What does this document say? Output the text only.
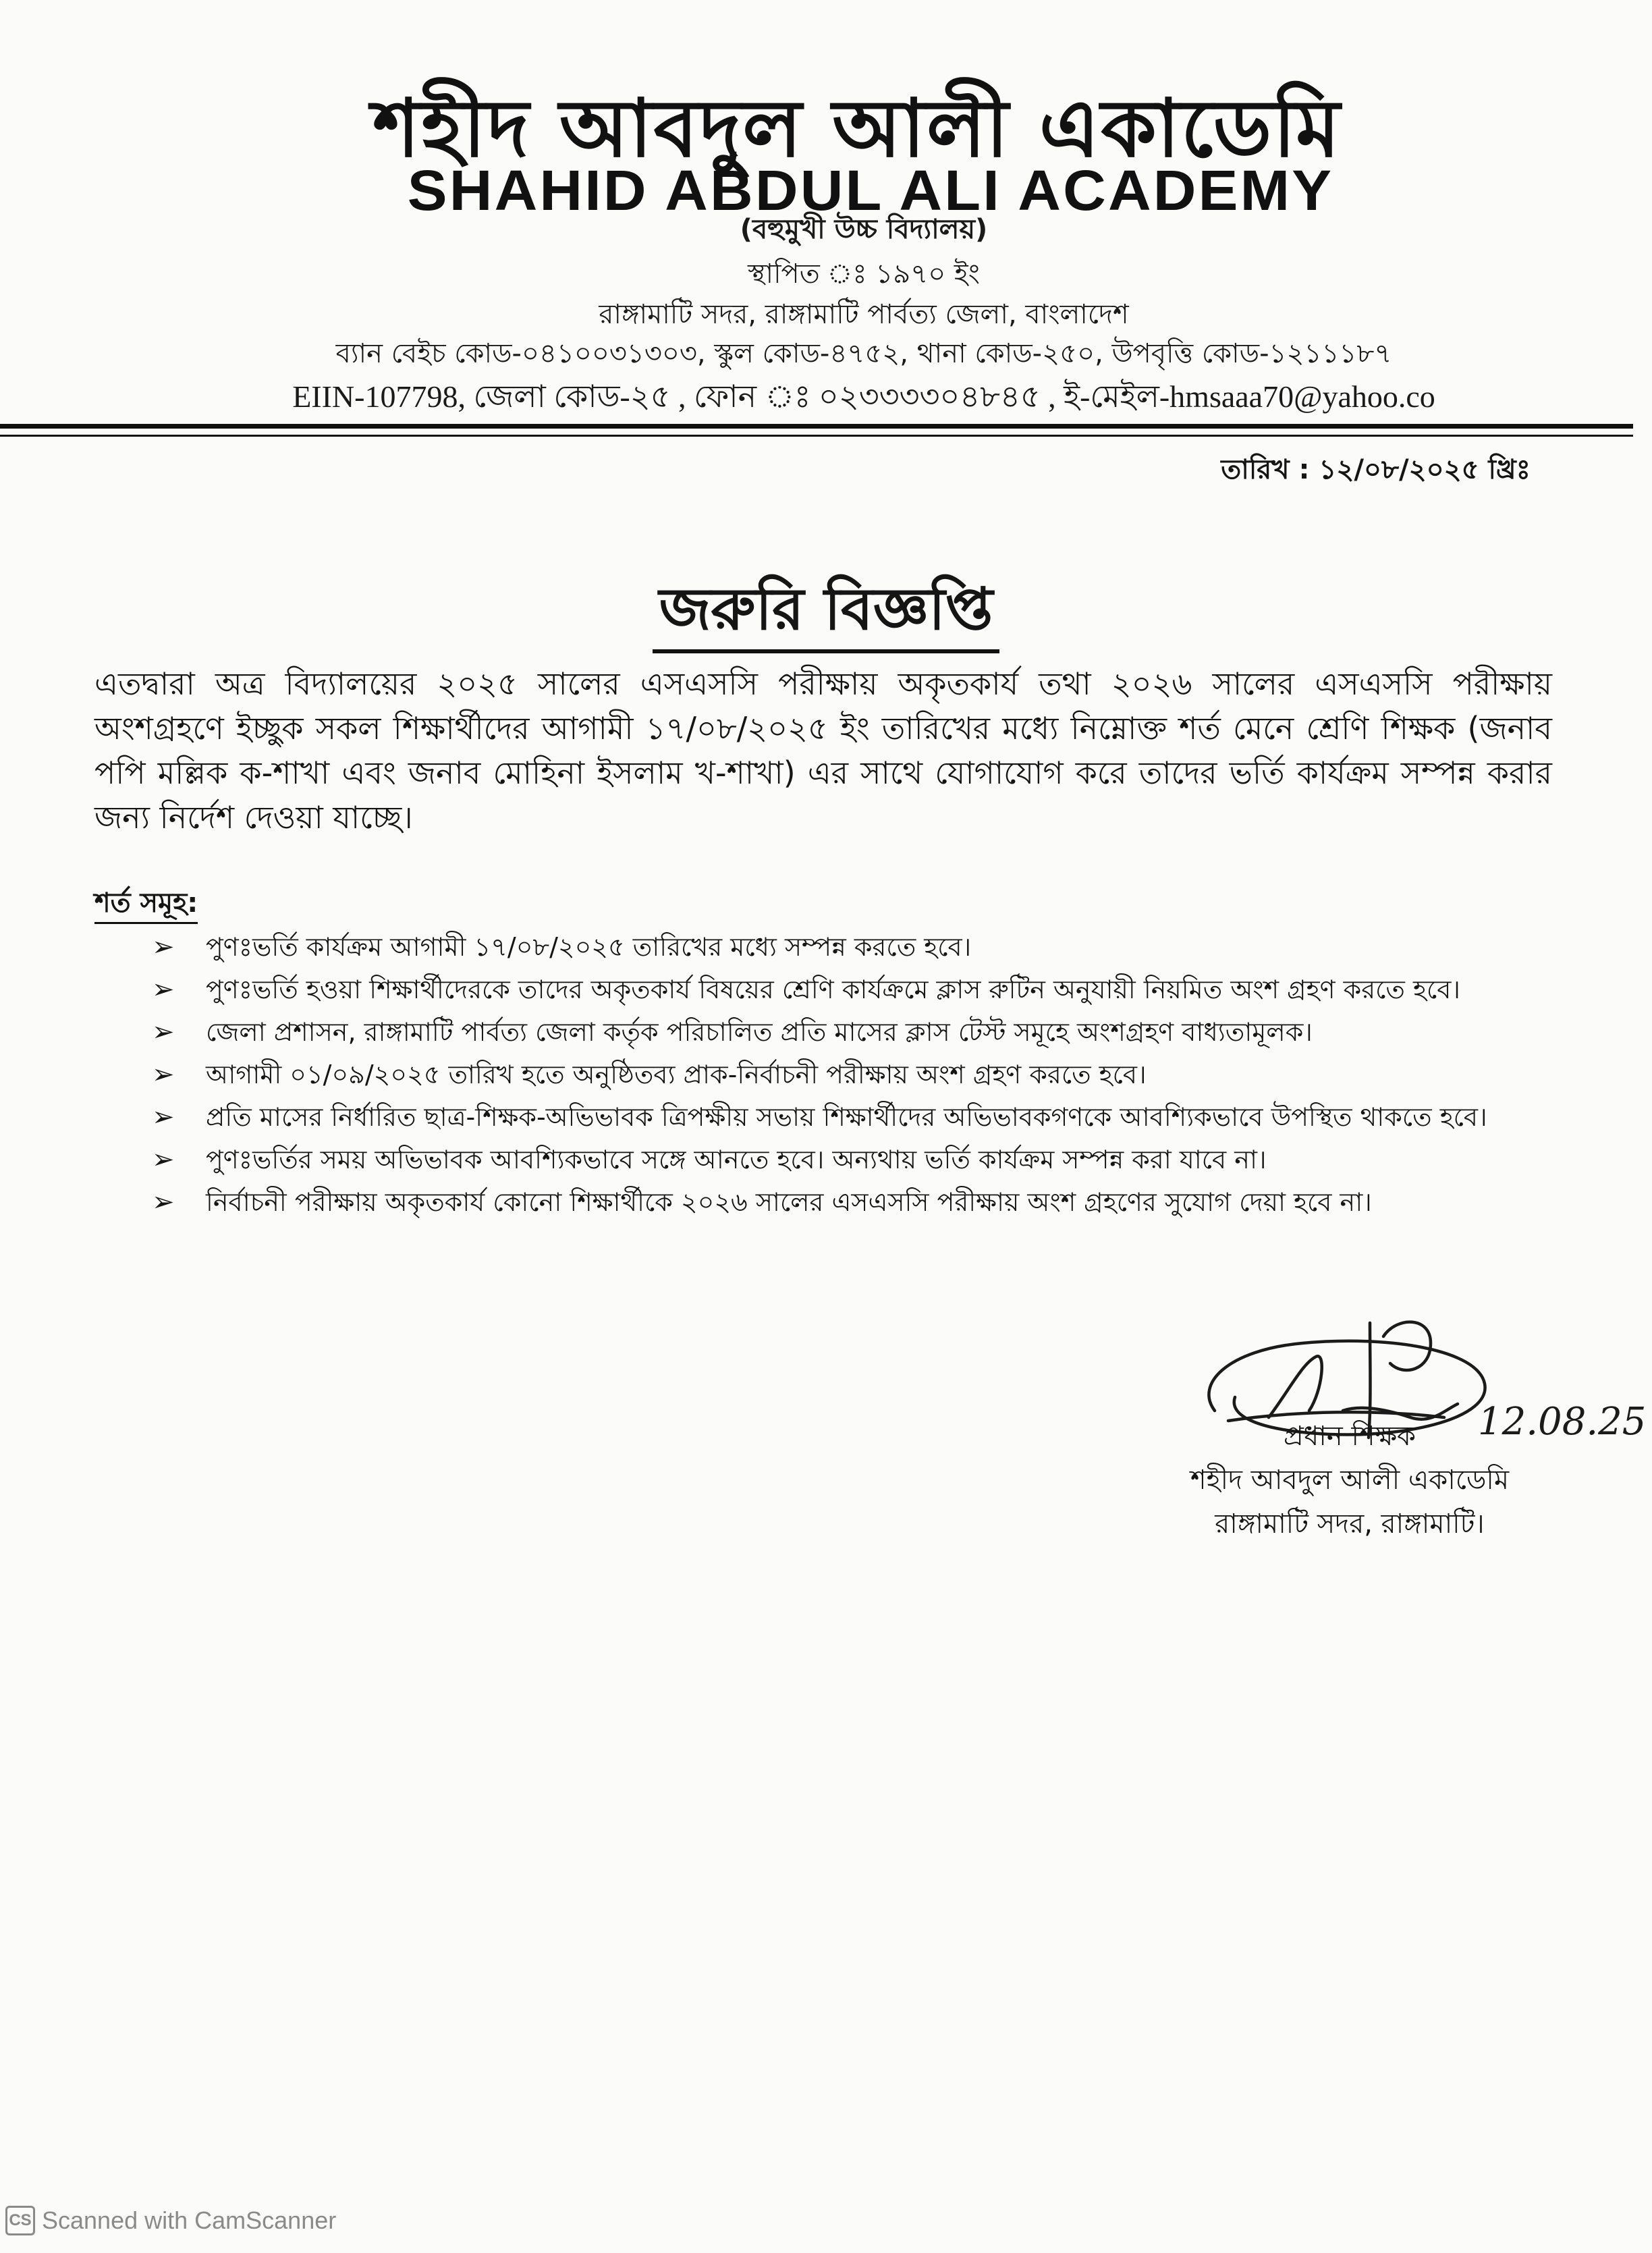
শহীদ আবদুল আলী একাডেমি
SHAHID ABDUL ALI ACADEMY
(বহুমুখী উচ্চ বিদ্যালয়)
স্থাপিত ঃ ১৯৭০ ইং
রাঙ্গামাটি সদর, রাঙ্গামাটি পার্বত্য জেলা, বাংলাদেশ
ব্যান বেইচ কোড-০৪১০০৩১৩০৩, স্কুল কোড-৪৭৫২, থানা কোড-২৫০, উপবৃত্তি কোড-১২১১১৮৭
EIIN-107798, জেলা কোড-২৫ , ফোন ঃ ০২৩৩৩৩০৪৮৪৫ , ই-মেইল-hmsaaa70@yahoo.co
তারিখ : ১২/০৮/২০২৫ খ্রিঃ
জরুরি বিজ্ঞপ্তি
এতদ্বারা অত্র বিদ্যালয়ের ২০২৫ সালের এসএসসি পরীক্ষায় অকৃতকার্য তথা ২০২৬ সালের এসএসসি পরীক্ষায় অংশগ্রহণে ইচ্ছুক সকল শিক্ষার্থীদের আগামী ১৭/০৮/২০২৫ ইং তারিখের মধ্যে নিম্নোক্ত শর্ত মেনে শ্রেণি শিক্ষক (জনাব পপি মল্লিক ক-শাখা এবং জনাব মোহিনা ইসলাম খ-শাখা) এর সাথে যোগাযোগ করে তাদের ভর্তি কার্যক্রম সম্পন্ন করার জন্য নির্দেশ দেওয়া যাচ্ছে।
শর্ত সমূহ:
➢	পুণঃভর্তি কার্যক্রম আগামী ১৭/০৮/২০২৫ তারিখের মধ্যে সম্পন্ন করতে হবে।
➢	পুণঃভর্তি হওয়া শিক্ষার্থীদেরকে তাদের অকৃতকার্য বিষয়ের শ্রেণি কার্যক্রমে ক্লাস রুটিন অনুযায়ী নিয়মিত অংশ গ্রহণ করতে হবে।
➢	জেলা প্রশাসন, রাঙ্গামাটি পার্বত্য জেলা কর্তৃক পরিচালিত প্রতি মাসের ক্লাস টেস্ট সমূহে অংশগ্রহণ বাধ্যতামূলক।
➢	আগামী ০১/০৯/২০২৫ তারিখ হতে অনুষ্ঠিতব্য প্রাক-নির্বাচনী পরীক্ষায় অংশ গ্রহণ করতে হবে।
➢	প্রতি মাসের নির্ধারিত ছাত্র-শিক্ষক-অভিভাবক ত্রিপক্ষীয় সভায় শিক্ষার্থীদের অভিভাবকগণকে আবশ্যিকভাবে উপস্থিত থাকতে হবে।
➢	পুণঃভর্তির সময় অভিভাবক আবশ্যিকভাবে সঙ্গে আনতে হবে। অন্যথায় ভর্তি কার্যক্রম সম্পন্ন করা যাবে না।
➢	নির্বাচনী পরীক্ষায় অকৃতকার্য কোনো শিক্ষার্থীকে ২০২৬ সালের এসএসসি পরীক্ষায় অংশ গ্রহণের সুযোগ দেয়া হবে না।
12.08.25
প্রধান শিক্ষক
শহীদ আবদুল আলী একাডেমি
রাঙ্গামাটি সদর, রাঙ্গামাটি।
CS Scanned with CamScanner
